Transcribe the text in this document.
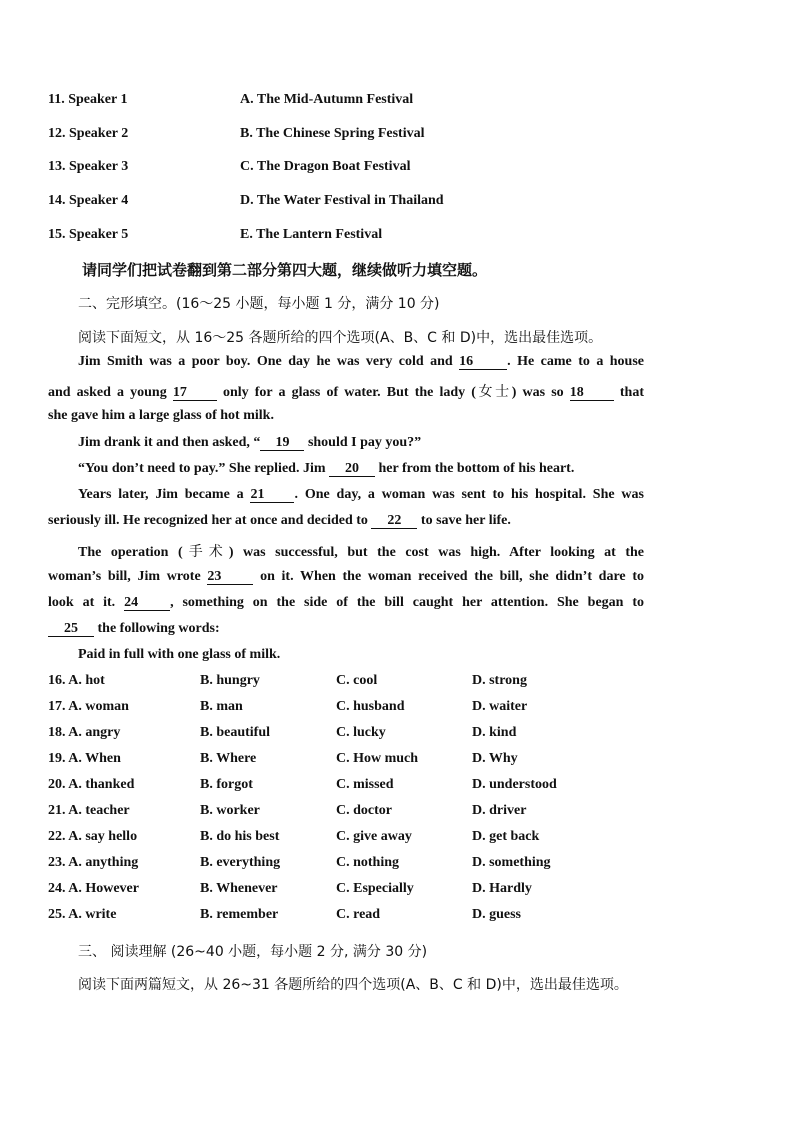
11. Speaker 1	A. The Mid-Autumn Festival
12. Speaker 2	B. The Chinese Spring Festival
13. Speaker 3	C. The Dragon Boat Festival
14. Speaker 4	D. The Water Festival in Thailand
15. Speaker 5	E. The Lantern Festival
请同学们把试卷翻到第二部分第四大题，继续做听力填空题。
二、完形填空。(16～25 小题，每小题 1 分，满分 10 分)
阅读下面短文，从 16～25 各题所给的四个选项(A、B、C 和 D)中，选出最佳选项。
Jim Smith was a poor boy. One day he was very cold and 16 . He came to a house
and asked a young 17 only for a glass of water. But the lady (女士) was so 18 that
she gave him a large glass of hot milk.
Jim drank it and then asked, “ 19 should I pay you?”
“You don’t need to pay.” She replied. Jim 20 her from the bottom of his heart.
Years later, Jim became a 21 . One day, a woman was sent to his hospital. She was
seriously ill. He recognized her at once and decided to 22 to save her life.
The operation (手术) was successful, but the cost was high. After looking at the
woman’s bill, Jim wrote 23 on it. When the woman received the bill, she didn’t dare to
look at it. 24 , something on the side of the bill caught her attention. She began to
25 the following words:
Paid in full with one glass of milk.
16. A. hot	B. hungry	C. cool	D. strong
17. A. woman	B. man	C. husband	D. waiter
18. A. angry	B. beautiful	C. lucky	D. kind
19. A. When	B. Where	C. How much	D. Why
20. A. thanked	B. forgot	C. missed	D. understood
21. A. teacher	B. worker	C. doctor	D. driver
22. A. say hello	B. do his best	C. give away	D. get back
23. A. anything	B. everything	C. nothing	D. something
24. A. However	B. Whenever	C. Especially	D. Hardly
25. A. write	B. remember	C. read	D. guess
三、 阅读理解 (26~40 小题，每小题 2 分, 满分 30 分)
阅读下面两篇短文，从 26~31 各题所给的四个选项(A、B、C 和 D)中，选出最佳选项。
